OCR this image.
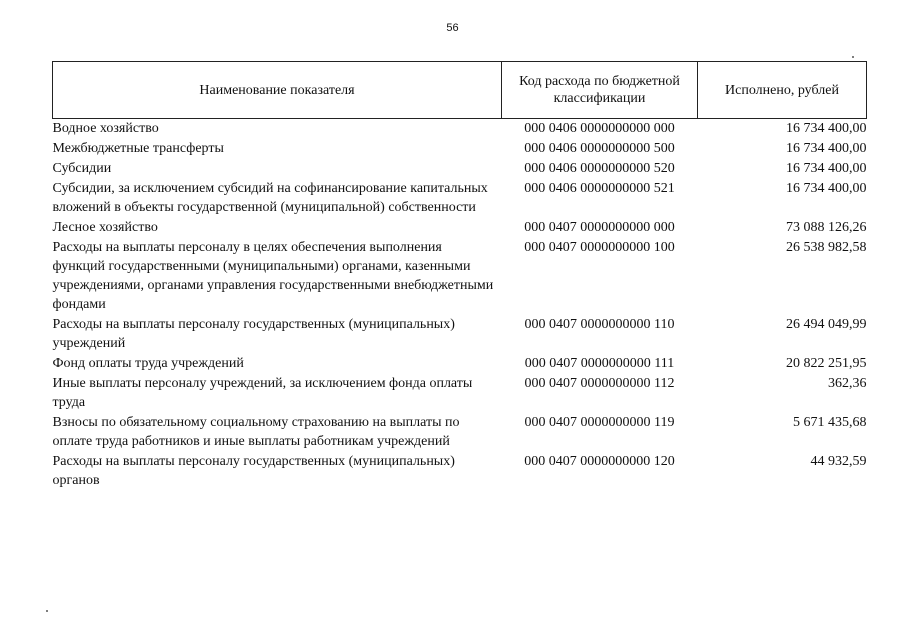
56
Наименование показателя	Код расхода по бюджетной классификации	Исполнено, рублей
Водное хозяйство	000 0406 0000000000 000	16 734 400,00
Межбюджетные трансферты	000 0406 0000000000 500	16 734 400,00
Субсидии	000 0406 0000000000 520	16 734 400,00
Субсидии, за исключением субсидий на софинансирование капитальных вложений в объекты государственной (муниципальной) собственности	000 0406 0000000000 521	16 734 400,00
Лесное хозяйство	000 0407 0000000000 000	73 088 126,26
Расходы на выплаты персоналу в целях обеспечения выполнения функций государственными (муниципальными) органами, казенными учреждениями, органами управления государственными внебюджетными фондами	000 0407 0000000000 100	26 538 982,58
Расходы на выплаты персоналу государственных (муниципальных) учреждений	000 0407 0000000000 110	26 494 049,99
Фонд оплаты труда учреждений	000 0407 0000000000 111	20 822 251,95
Иные выплаты персоналу учреждений, за исключением фонда оплаты труда	000 0407 0000000000 112	362,36
Взносы по обязательному социальному страхованию на выплаты по оплате труда работников и иные выплаты работникам учреждений	000 0407 0000000000 119	5 671 435,68
Расходы на выплаты персоналу государственных (муниципальных) органов	000 0407 0000000000 120	44 932,59
